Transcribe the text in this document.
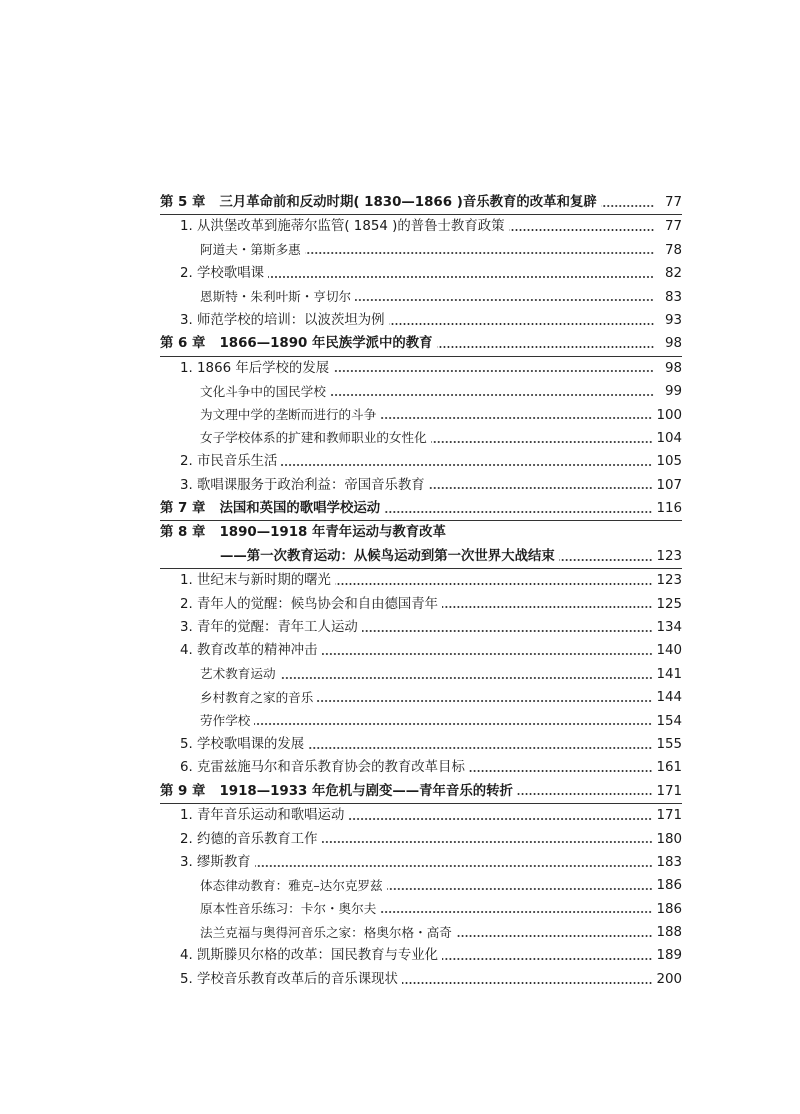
第 5 章 三月革命前和反动时期( 1830—1866 )音乐教育的改革和复辟	77
1. 从洪堡改革到施蒂尔监管( 1854 )的普鲁士教育政策	77
阿道夫・第斯多惠	78
2. 学校歌唱课	82
恩斯特・朱利叶斯・亨切尔	83
3. 师范学校的培训：以波茨坦为例	93
第 6 章 1866—1890 年民族学派中的教育	98
1. 1866 年后学校的发展	98
文化斗争中的国民学校	99
为文理中学的垄断而进行的斗争	100
女子学校体系的扩建和教师职业的女性化	104
2. 市民音乐生活	105
3. 歌唱课服务于政治利益：帝国音乐教育	107
第 7 章 法国和英国的歌唱学校运动	116
第 8 章 1890—1918 年青年运动与教育改革
——第一次教育运动：从候鸟运动到第一次世界大战结束	123
1. 世纪末与新时期的曙光	123
2. 青年人的觉醒：候鸟协会和自由德国青年	125
3. 青年的觉醒：青年工人运动	134
4. 教育改革的精神冲击	140
艺术教育运动	141
乡村教育之家的音乐	144
劳作学校	154
5. 学校歌唱课的发展	155
6. 克雷兹施马尔和音乐教育协会的教育改革目标	161
第 9 章 1918—1933 年危机与剧变——青年音乐的转折	171
1. 青年音乐运动和歌唱运动	171
2. 约德的音乐教育工作	180
3. 缪斯教育	183
体态律动教育：雅克–达尔克罗兹	186
原本性音乐练习：卡尔・奥尔夫	186
法兰克福与奥得河音乐之家：格奥尔格・高奇	188
4. 凯斯滕贝尔格的改革：国民教育与专业化	189
5. 学校音乐教育改革后的音乐课现状	200
